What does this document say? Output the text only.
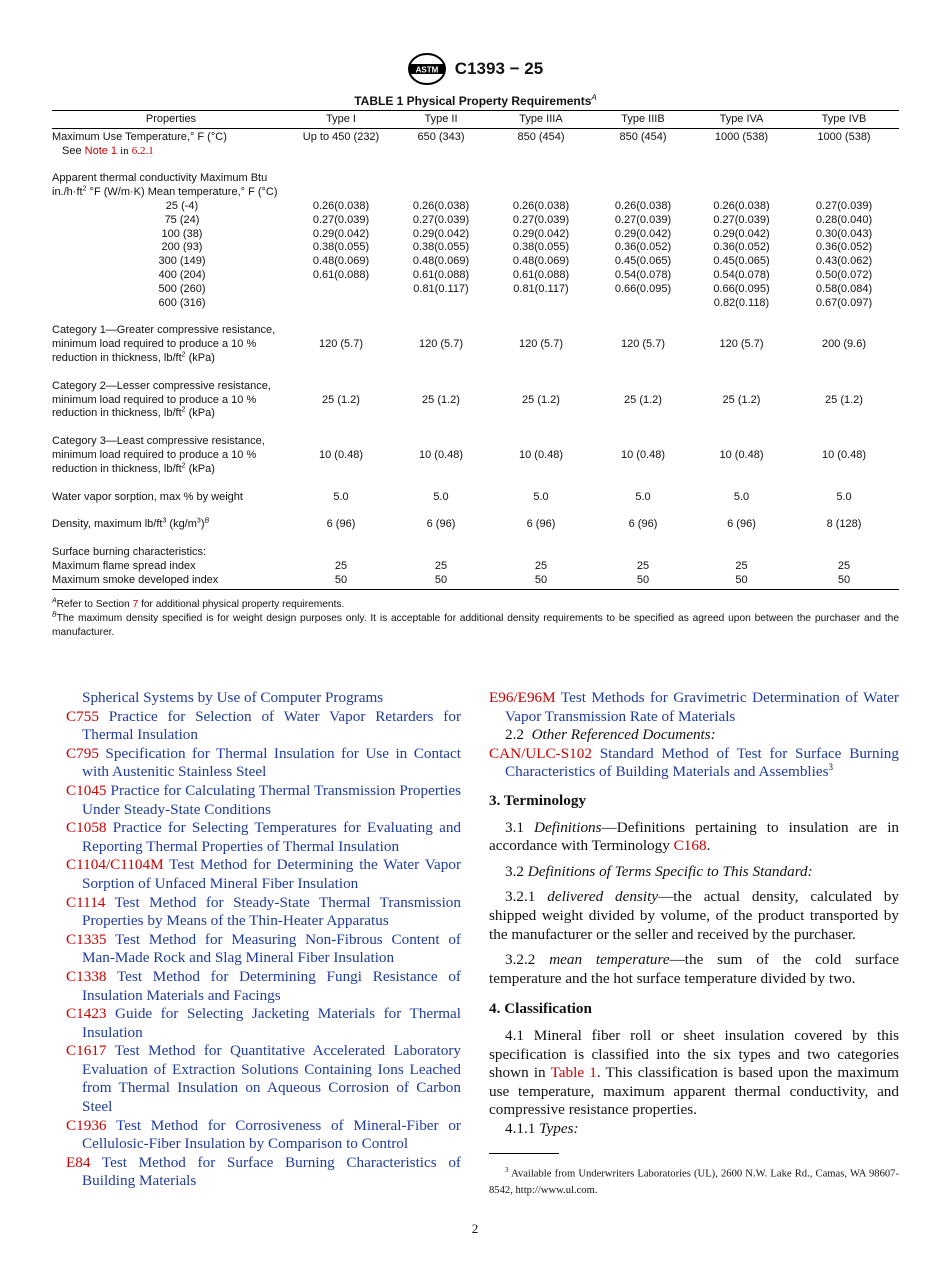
ASTM C1393 − 25
TABLE 1 Physical Property Requirements$^A$
Properties	Type I	Type II	Type IIIA	Type IIIB	Type IVA	Type IVB

Maximum Use Temperature,° F (°C)
See Note 1 in 6.2.1	Up to 450 (232)	650 (343)	850 (454)	850 (454)	1000 (538)	1000 (538)

Apparent thermal conductivity Maximum Btu
$in./h\cdot ft^2$ °F (W/m·K) Mean temperature,° F (°C)						

25 (-4)	0.26(0.038)	0.26(0.038)	0.26(0.038)	0.26(0.038)	0.26(0.038)	0.27(0.039)
75 (24)	0.27(0.039)	0.27(0.039)	0.27(0.039)	0.27(0.039)	0.27(0.039)	0.28(0.040)
100 (38)	0.29(0.042)	0.29(0.042)	0.29(0.042)	0.29(0.042)	0.29(0.042)	0.30(0.043)
200 (93)	0.38(0.055)	0.38(0.055)	0.38(0.055)	0.36(0.052)	0.36(0.052)	0.36(0.052)
300 (149)	0.48(0.069)	0.48(0.069)	0.48(0.069)	0.45(0.065)	0.45(0.065)	0.43(0.062)
400 (204)	0.61(0.088)	0.61(0.088)	0.61(0.088)	0.54(0.078)	0.54(0.078)	0.50(0.072)
500 (260)		0.81(0.117)	0.81(0.117)	0.66(0.095)	0.66(0.095)	0.58(0.084)
600 (316)					0.82(0.118)	0.67(0.097)

Category 1—Greater compressive resistance,
minimum load required to produce a 10 %
reduction in thickness, $lb/ft^2$ (kPa)	120 (5.7)	120 (5.7)	120 (5.7)	120 (5.7)	120 (5.7)	200 (9.6)

Category 2—Lesser compressive resistance,
minimum load required to produce a 10 %
reduction in thickness, $lb/ft^2$ (kPa)	25 (1.2)	25 (1.2)	25 (1.2)	25 (1.2)	25 (1.2)	25 (1.2)

Category 3—Least compressive resistance,
minimum load required to produce a 10 %
reduction in thickness, $lb/ft^2$ (kPa)	10 (0.48)	10 (0.48)	10 (0.48)	10 (0.48)	10 (0.48)	10 (0.48)

Water vapor sorption, max % by weight	5.0	5.0	5.0	5.0	5.0	5.0

Density, maximum $lb/ft^3$ $(kg/m^3)^B$	6 (96)	6 (96)	6 (96)	6 (96)	6 (96)	8 (128)

Surface burning characteristics:						
Maximum flame spread index	25	25	25	25	25	25
Maximum smoke developed index	50	50	50	50	50	50
$^A$Refer to Section 7 for additional physical property requirements.
$^B$The maximum density specified is for weight design purposes only. It is acceptable for additional density requirements to be specified as agreed upon between the purchaser and the manufacturer.

Spherical Systems by Use of Computer Programs

C755 Practice for Selection of Water Vapor Retarders for Thermal Insulation

C795 Specification for Thermal Insulation for Use in Contact with Austenitic Stainless Steel

C1045 Practice for Calculating Thermal Transmission Properties Under Steady-State Conditions

C1058 Practice for Selecting Temperatures for Evaluating and Reporting Thermal Properties of Thermal Insulation

C1104/C1104M Test Method for Determining the Water Vapor Sorption of Unfaced Mineral Fiber Insulation

C1114 Test Method for Steady-State Thermal Transmission Properties by Means of the Thin-Heater Apparatus

C1335 Test Method for Measuring Non-Fibrous Content of Man-Made Rock and Slag Mineral Fiber Insulation

C1338 Test Method for Determining Fungi Resistance of Insulation Materials and Facings

C1423 Guide for Selecting Jacketing Materials for Thermal Insulation

C1617 Test Method for Quantitative Accelerated Laboratory Evaluation of Extraction Solutions Containing Ions Leached from Thermal Insulation on Aqueous Corrosion of Carbon Steel

C1936 Test Method for Corrosiveness of Mineral-Fiber or Cellulosic-Fiber Insulation by Comparison to Control

E84 Test Method for Surface Burning Characteristics of Building Materials

E96/E96M Test Methods for Gravimetric Determination of Water Vapor Transmission Rate of Materials

2.2 Other Referenced Documents:

CAN/ULC-S102 Standard Method of Test for Surface Burning Characteristics of Building Materials and Assemblies$^3$

3. Terminology

3.1 Definitions—Definitions pertaining to insulation are in accordance with Terminology C168.

3.2 Definitions of Terms Specific to This Standard:

3.2.1 delivered density—the actual density, calculated by shipped weight divided by volume, of the product transported by the manufacturer or the seller and received by the purchaser.

3.2.2 mean temperature—the sum of the cold surface temperature and the hot surface temperature divided by two.

4. Classification

4.1 Mineral fiber roll or sheet insulation covered by this specification is classified into the six types and two categories shown in Table 1. This classification is based upon the maximum use temperature, maximum apparent thermal conductivity, and compressive resistance properties.

4.1.1 Types:

$^3$ Available from Underwriters Laboratories (UL), 2600 N.W. Lake Rd., Camas, WA 98607-8542, http://www.ul.com.
2
